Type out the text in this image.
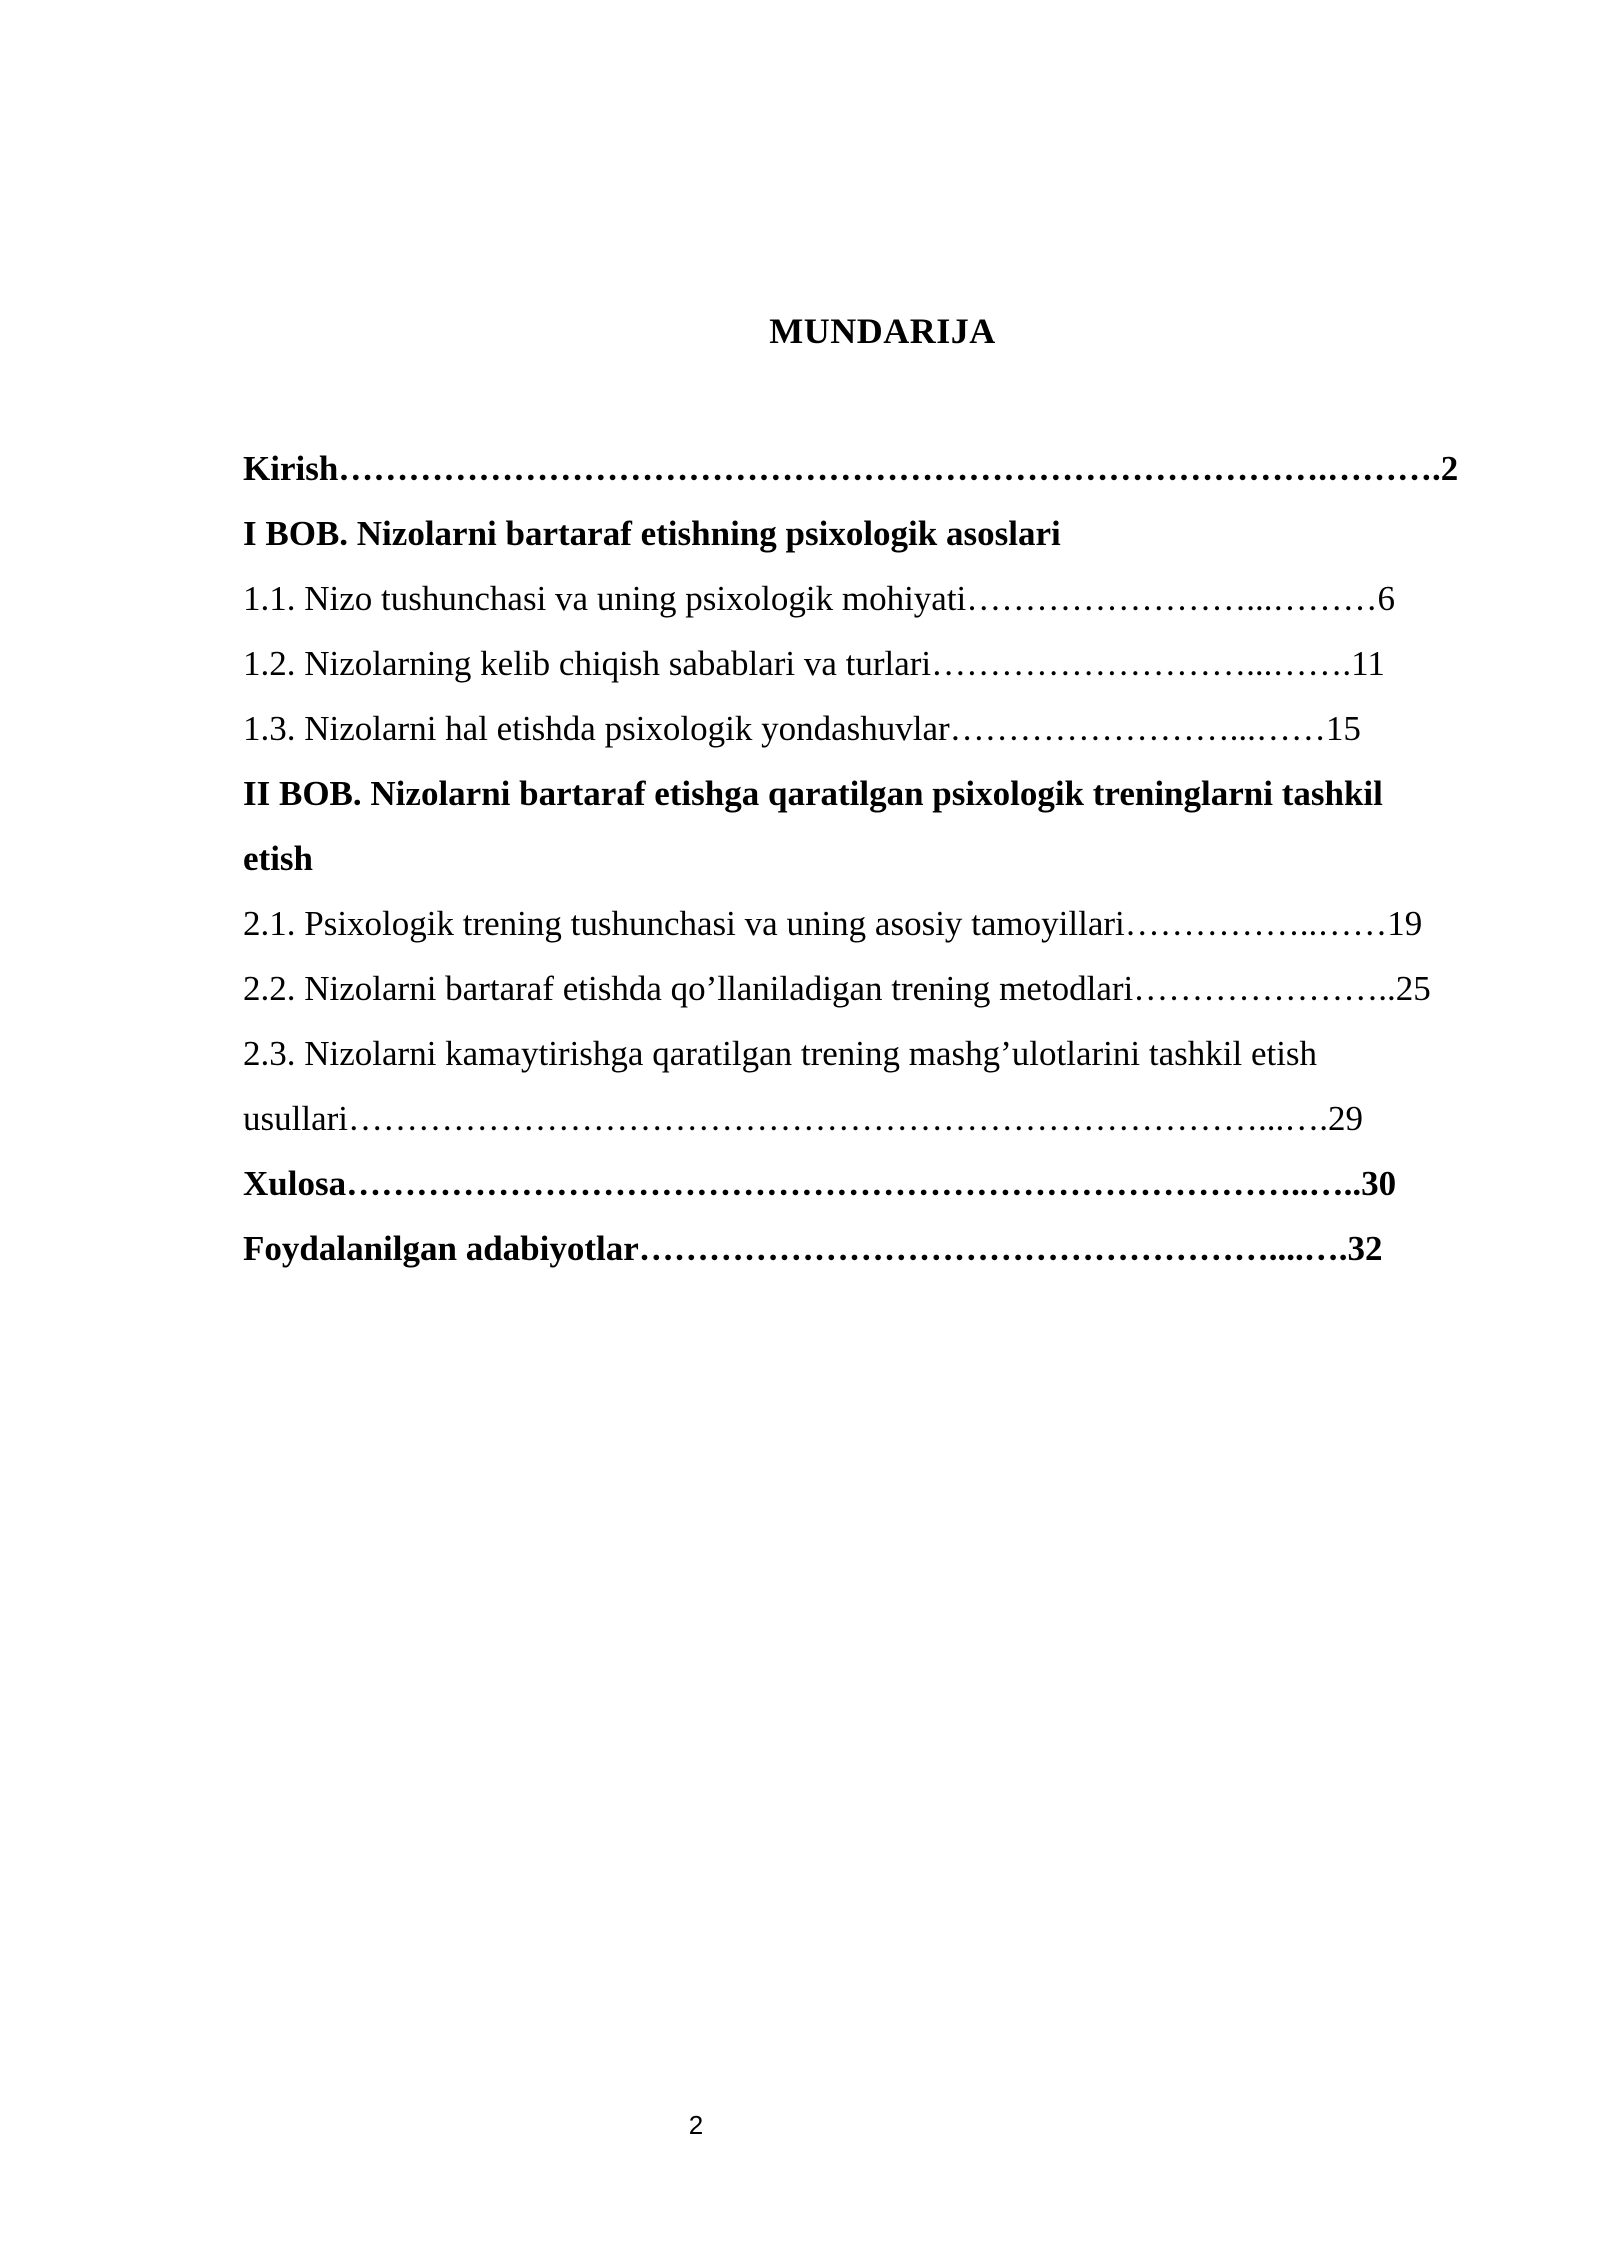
MUNDARIJA
Kirish………………………………………………………………………….……….2
I BOB. Nizolarni bartaraf etishning psixologik asoslari
1.1. Nizo tushunchasi va uning psixologik mohiyati……………………...………6
1.2. Nizolarning kelib chiqish sabablari va turlari………………………...…….11
1.3. Nizolarni hal etishda psixologik yondashuvlar……………………...……15
II BOB. Nizolarni bartaraf etishga qaratilgan psixologik treninglarni tashkil
etish
2.1. Psixologik trening tushunchasi va uning asosiy tamoyillari……………..……19
2.2. Nizolarni bartaraf etishda qo’llaniladigan trening metodlari…………………..25
2.3. Nizolarni kamaytirishga qaratilgan trening mashg’ulotlarini tashkil etish
usullari……………………………………………………………………...….29
Xulosa………………………………………………………………………..…..30
Foydalanilgan adabiyotlar………………………………………………....….32
2
